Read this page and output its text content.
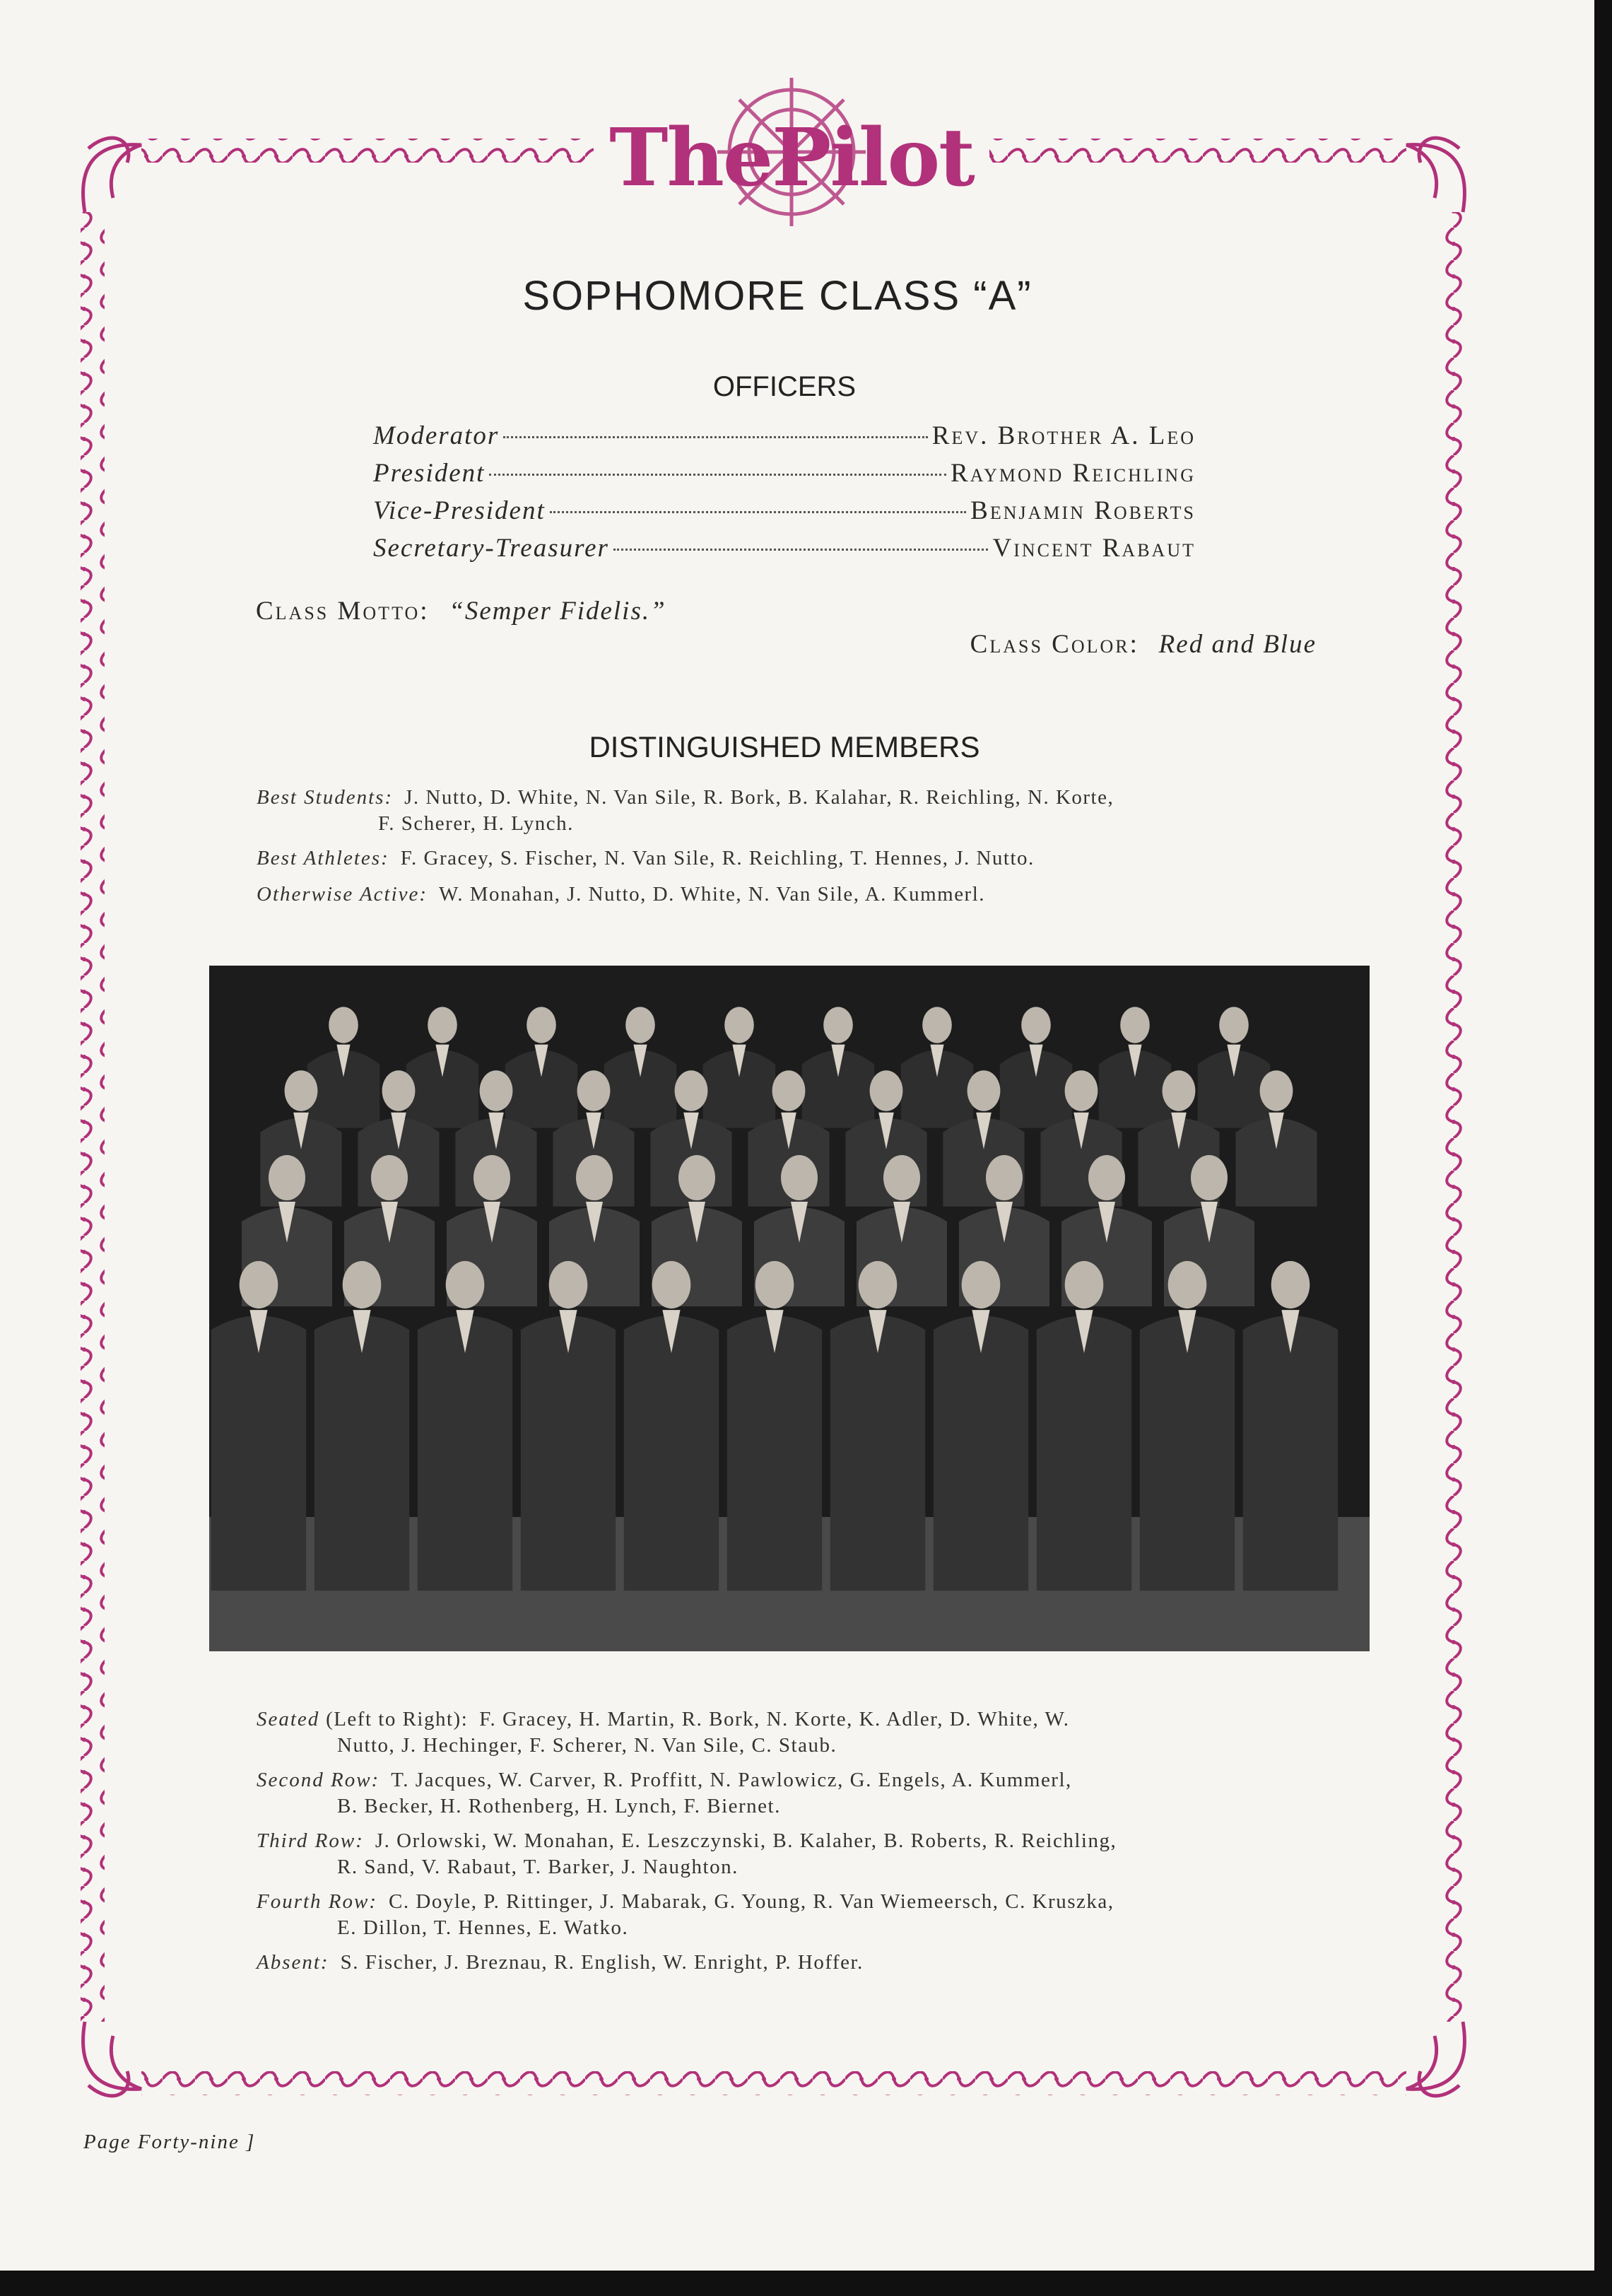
ThePilot
SOPHOMORE CLASS “A”
OFFICERS
Moderator	Rev. Brother A. Leo
President	Raymond Reichling
Vice-President	Benjamin Roberts
Secretary-Treasurer	Vincent Rabaut
Class Motto: “Semper Fidelis.”
Class Color: Red and Blue
DISTINGUISHED MEMBERS
Best Students: J. Nutto, D. White, N. Van Sile, R. Bork, B. Kalahar, R. Reichling, N. Korte,
F. Scherer, H. Lynch.
Best Athletes: F. Gracey, S. Fischer, N. Van Sile, R. Reichling, T. Hennes, J. Nutto.
Otherwise Active: W. Monahan, J. Nutto, D. White, N. Van Sile, A. Kummerl.
Seated (Left to Right): F. Gracey, H. Martin, R. Bork, N. Korte, K. Adler, D. White, W.
Nutto, J. Hechinger, F. Scherer, N. Van Sile, C. Staub.
Second Row: T. Jacques, W. Carver, R. Proffitt, N. Pawlowicz, G. Engels, A. Kummerl,
B. Becker, H. Rothenberg, H. Lynch, F. Biernet.
Third Row: J. Orlowski, W. Monahan, E. Leszczynski, B. Kalaher, B. Roberts, R. Reichling,
R. Sand, V. Rabaut, T. Barker, J. Naughton.
Fourth Row: C. Doyle, P. Rittinger, J. Mabarak, G. Young, R. Van Wiemeersch, C. Kruszka,
E. Dillon, T. Hennes, E. Watko.
Absent: S. Fischer, J. Breznau, R. English, W. Enright, P. Hoffer.
Page Forty-nine ]
